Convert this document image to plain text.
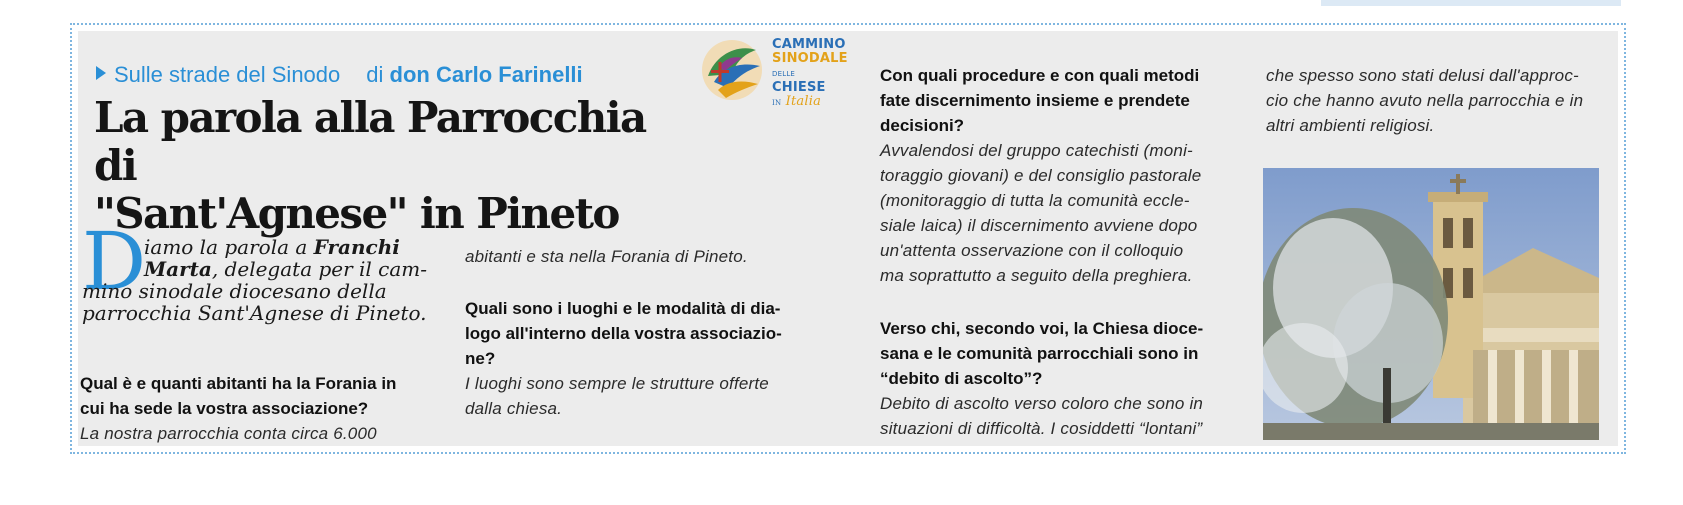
Sulle strade del Sinodo di don Carlo Farinelli
La parola alla Parrocchia di
"Sant'Agnese" in Pineto
CAMMINO
SINODALE
DELLE CHIESE
IN Italia
D

iamo la parola a Franchi
Marta, delegata per il cam-
mino sinodale diocesano della
parrocchia Sant'Agnese di Pineto.

Qual è e quanti abitanti ha la Forania in
cui ha sede la vostra associazione?

La nostra parrocchia conta circa 6.000

abitanti e sta nella Forania di Pineto.

Quali sono i luoghi e le modalità di dia-
logo all'interno della vostra associazio-
ne?

I luoghi sono sempre le strutture offerte
dalla chiesa.

Con quali procedure e con quali metodi
fate discernimento insieme e prendete
decisioni?

Avvalendosi del gruppo catechisti (moni-
toraggio giovani) e del consiglio pastorale
(monitoraggio di tutta la comunità eccle-
siale laica) il discernimento avviene dopo
un'attenta osservazione con il colloquio
ma soprattutto a seguito della preghiera.

Verso chi, secondo voi, la Chiesa dioce-
sana e le comunità parrocchiali sono in
“debito di ascolto”?

Debito di ascolto verso coloro che sono in
situazioni di difficoltà. I cosiddetti “lontani”

che spesso sono stati delusi dall'approc-
cio che hanno avuto nella parrocchia e in
altri ambienti religiosi.
